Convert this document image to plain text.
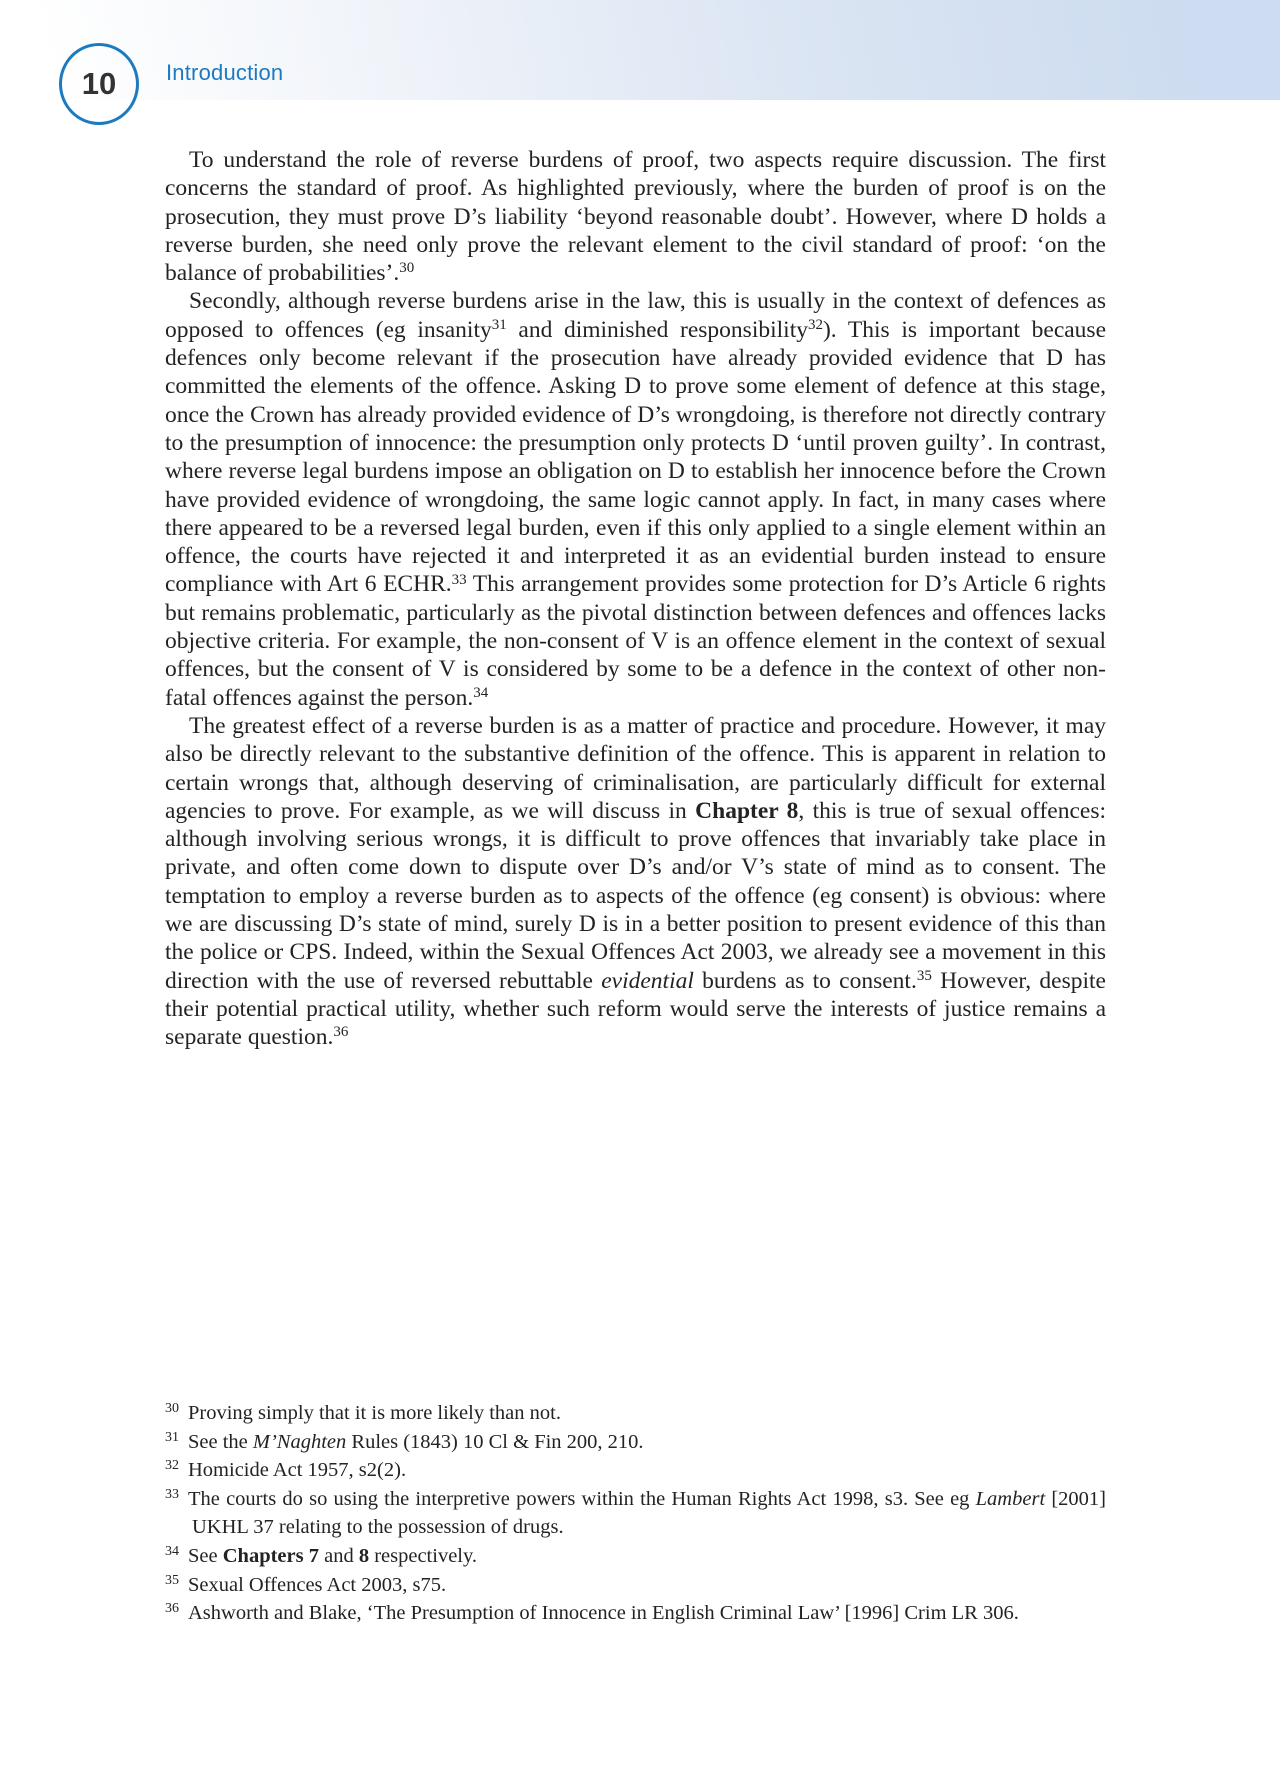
10 Introduction

To understand the role of reverse burdens of proof, two aspects require discussion. The first concerns the standard of proof. As highlighted previously, where the burden of proof is on the prosecution, they must prove D’s liability ‘beyond reasonable doubt’. However, where D holds a reverse burden, she need only prove the relevant element to the civil standard of proof: ‘on the balance of probabilities’.$^{30}$

Secondly, although reverse burdens arise in the law, this is usually in the context of defences as opposed to offences (eg insanity$^{31}$ and diminished responsibility$^{32}$). This is important because defences only become relevant if the prosecution have already provided evidence that D has committed the elements of the offence. Asking D to prove some element of defence at this stage, once the Crown has already provided evidence of D’s wrongdoing, is therefore not directly contrary to the presumption of innocence: the presumption only protects D ‘until proven guilty’. In contrast, where reverse legal burdens impose an obligation on D to establish her innocence before the Crown have provided evidence of wrongdoing, the same logic cannot apply. In fact, in many cases where there appeared to be a reversed legal burden, even if this only applied to a single element within an offence, the courts have rejected it and interpreted it as an evidential burden instead to ensure compliance with Art 6 ECHR.$^{33}$ This arrangement provides some protection for D’s Article 6 rights but remains problematic, particularly as the pivotal distinction between defences and offences lacks objective criteria. For example, the non-consent of V is an offence element in the context of sexual offences, but the consent of V is considered by some to be a defence in the context of other non-fatal offences against the person.$^{34}$

The greatest effect of a reverse burden is as a matter of practice and procedure. However, it may also be directly relevant to the substantive definition of the offence. This is apparent in relation to certain wrongs that, although deserving of criminalisation, are particularly difficult for external agencies to prove. For example, as we will discuss in Chapter 8, this is true of sexual offences: although involving serious wrongs, it is difficult to prove offences that invariably take place in private, and often come down to dispute over D’s and/or V’s state of mind as to consent. The temptation to employ a reverse burden as to aspects of the offence (eg consent) is obvious: where we are discussing D’s state of mind, surely D is in a better position to present evidence of this than the police or CPS. Indeed, within the Sexual Offences Act 2003, we already see a movement in this direction with the use of reversed rebuttable evidential burdens as to consent.$^{35}$ However, despite their potential practical utility, whether such reform would serve the interests of justice remains a separate question.$^{36}$

$^{30}$ Proving simply that it is more likely than not.
$^{31}$ See the M’Naghten Rules (1843) 10 Cl & Fin 200, 210.
$^{32}$ Homicide Act 1957, s2(2).
$^{33}$ The courts do so using the interpretive powers within the Human Rights Act 1998, s3. See eg Lambert [2001] UKHL 37 relating to the possession of drugs.
$^{34}$ See Chapters 7 and 8 respectively.
$^{35}$ Sexual Offences Act 2003, s75.
$^{36}$ Ashworth and Blake, ‘The Presumption of Innocence in English Criminal Law’ [1996] Crim LR 306.
